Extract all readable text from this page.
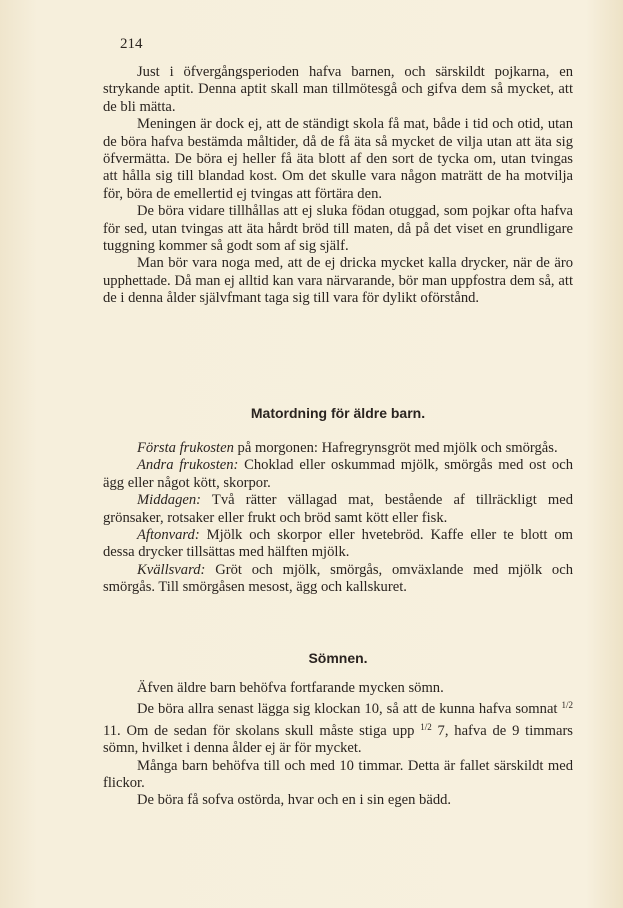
214

Just i öfvergångsperioden hafva barnen, och särskildt pojkarna, en strykande aptit. Denna aptit skall man tillmötesgå och gifva dem så mycket, att de bli mätta.

Meningen är dock ej, att de ständigt skola få mat, både i tid och otid, utan de böra hafva bestämda måltider, då de få äta så mycket de vilja utan att äta sig öfvermätta. De böra ej heller få äta blott af den sort de tycka om, utan tvingas att hålla sig till blandad kost. Om det skulle vara någon maträtt de ha motvilja för, böra de emellertid ej tvingas att förtära den.

De böra vidare tillhållas att ej sluka födan otuggad, som pojkar ofta hafva för sed, utan tvingas att äta hårdt bröd till maten, då på det viset en grundligare tuggning kommer så godt som af sig själf.

Man bör vara noga med, att de ej dricka mycket kalla drycker, när de äro upphettade. Då man ej alltid kan vara närvarande, bör man uppfostra dem så, att de i denna ålder självfmant taga sig till vara för dylikt oförstånd.

Matordning för äldre barn.

Första frukosten på morgonen: Hafregrynsgröt med mjölk och smörgås.

Andra frukosten: Choklad eller oskummad mjölk, smörgås med ost och ägg eller något kött, skorpor.

Middagen: Två rätter vällagad mat, bestående af tillräckligt med grönsaker, rotsaker eller frukt och bröd samt kött eller fisk.

Aftonvard: Mjölk och skorpor eller hvetebröd. Kaffe eller te blott om dessa drycker tillsättas med hälften mjölk.

Kvällsvard: Gröt och mjölk, smörgås, omväxlande med mjölk och smörgås. Till smörgåsen mesost, ägg och kallskuret.

Sömnen.

Äfven äldre barn behöfva fortfarande mycken sömn.

De böra allra senast lägga sig klockan 10, så att de kunna hafva somnat $^{1/2}$ 11. Om de sedan för skolans skull måste stiga upp $^{1/2}$ 7, hafva de 9 timmars sömn, hvilket i denna ålder ej är för mycket.

Många barn behöfva till och med 10 timmar. Detta är fallet särskildt med flickor.

De böra få sofva ostörda, hvar och en i sin egen bädd.
